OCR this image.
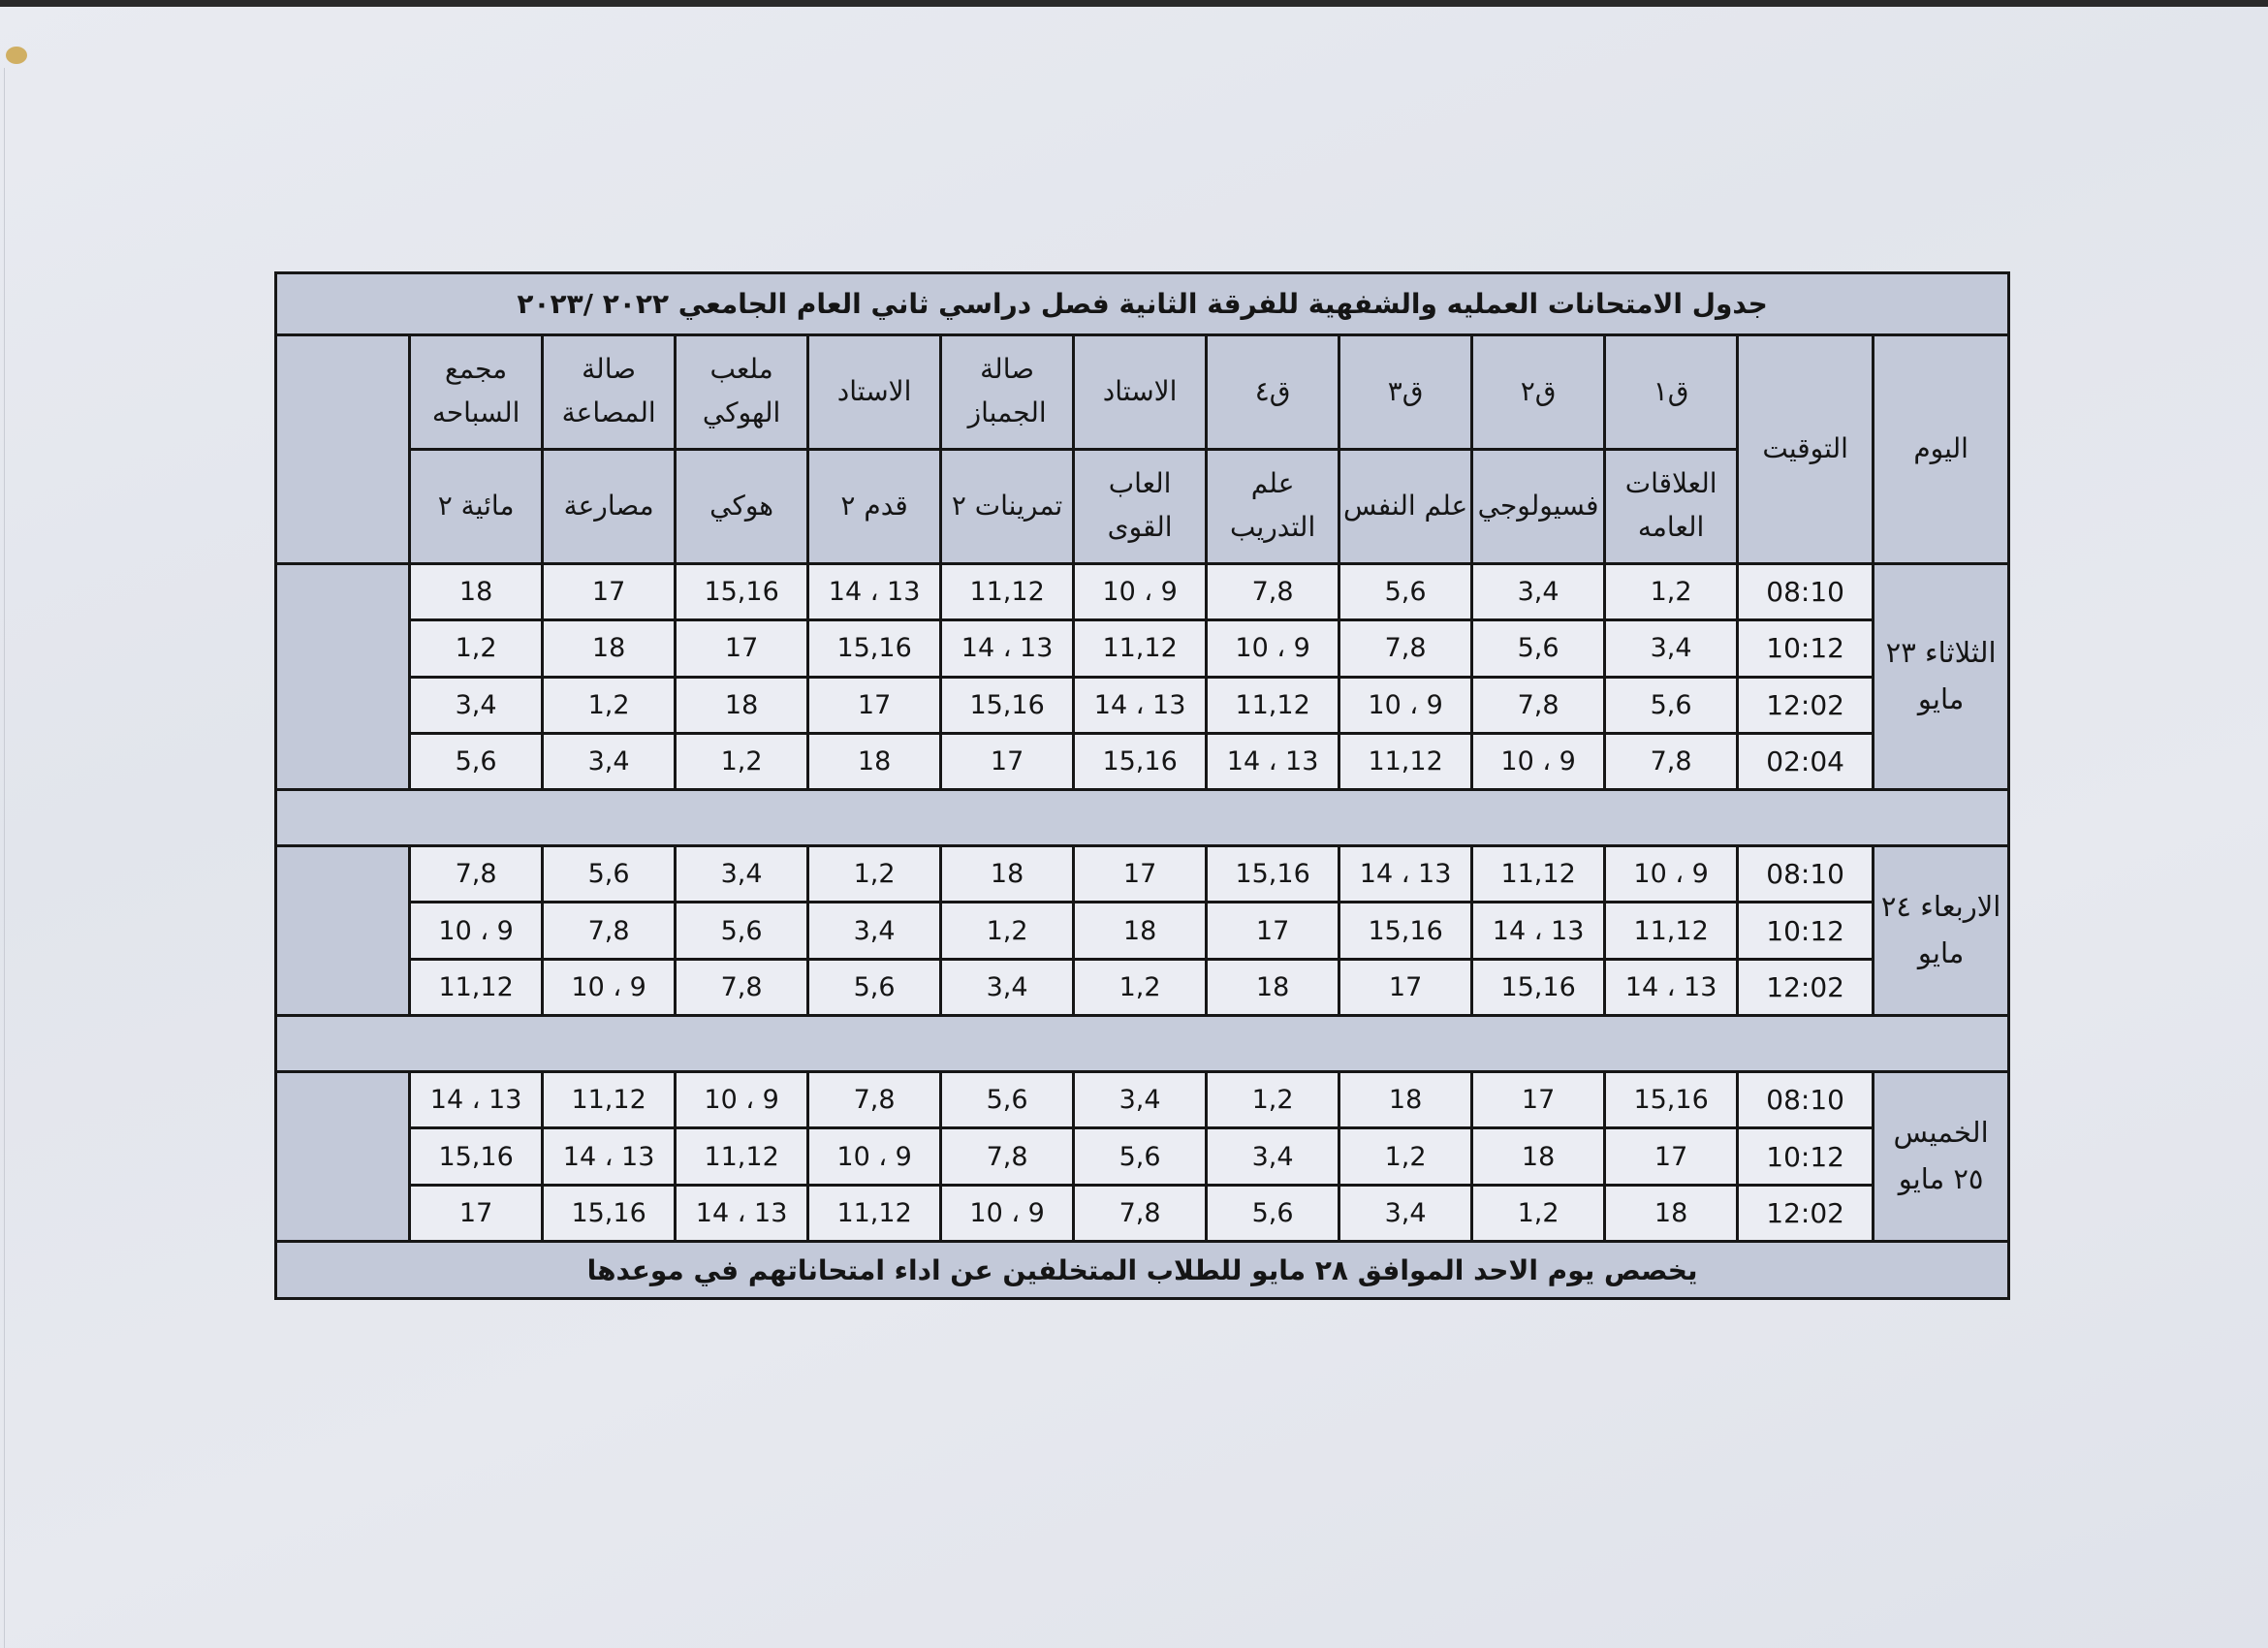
جدول الامتحانات العمليه والشفهية للفرقة الثانية فصل دراسي ثاني العام الجامعي ٢٠٢٢ /٢٠٢٣												
اليوم	التوقيت	ق١	ق٢	ق٣	ق٤	الاستاد	صالة الجمباز	الاستاد	ملعب الهوكي	صالة المصاعة	مجمع السباحه	
		العلاقات العامه	فسيولوجي	علم النفس	علم التدريب	العاب القوى	تمرينات ٢	قدم ٢	هوكي	مصارعة	مائية ٢	
الثلاثاء ٢٣ مايو	08:10	1,2	3,4	5,6	7,8	9 ، 10	11,12	13 ، 14	15,16	17	18	
	10:12	3,4	5,6	7,8	9 ، 10	11,12	13 ، 14	15,16	17	18	1,2	
	12:02	5,6	7,8	9 ، 10	11,12	13 ، 14	15,16	17	18	1,2	3,4	
	02:04	7,8	9 ، 10	11,12	13 ، 14	15,16	17	18	1,2	3,4	5,6	

الاربعاء ٢٤ مايو	08:10	9 ، 10	11,12	13 ، 14	15,16	17	18	1,2	3,4	5,6	7,8	
	10:12	11,12	13 ، 14	15,16	17	18	1,2	3,4	5,6	7,8	9 ، 10	
	12:02	13 ، 14	15,16	17	18	1,2	3,4	5,6	7,8	9 ، 10	11,12	

الخميس ٢٥ مايو	08:10	15,16	17	18	1,2	3,4	5,6	7,8	9 ، 10	11,12	13 ، 14	
	10:12	17	18	1,2	3,4	5,6	7,8	9 ، 10	11,12	13 ، 14	15,16	
	12:02	18	1,2	3,4	5,6	7,8	9 ، 10	11,12	13 ، 14	15,16	17	
يخصص يوم الاحد الموافق ٢٨ مايو للطلاب المتخلفين عن اداء امتحاناتهم في موعدها												
